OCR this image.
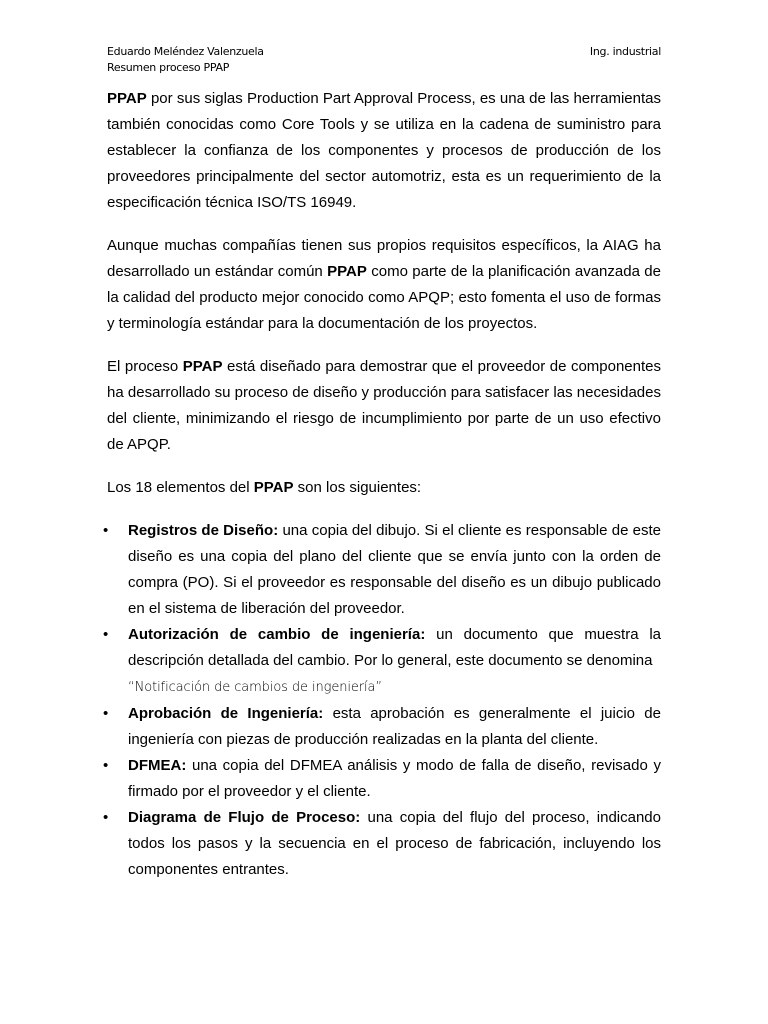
Eduardo Meléndez Valenzuela
Resumen proceso PPAP
Ing. industrial

PPAP por sus siglas Production Part Approval Process, es una de las herramientas también conocidas como Core Tools y se utiliza en la cadena de suministro para establecer la confianza de los componentes y procesos de producción de los proveedores principalmente del sector automotriz, esta es un requerimiento de la especificación técnica ISO/TS 16949.

Aunque muchas compañías tienen sus propios requisitos específicos, la AIAG ha desarrollado un estándar común PPAP como parte de la planificación avanzada de la calidad del producto mejor conocido como APQP; esto fomenta el uso de formas y terminología estándar para la documentación de los proyectos.

El proceso PPAP está diseñado para demostrar que el proveedor de componentes ha desarrollado su proceso de diseño y producción para satisfacer las necesidades del cliente, minimizando el riesgo de incumplimiento por parte de un uso efectivo de APQP.

Los 18 elementos del PPAP son los siguientes:

•	Registros de Diseño: una copia del dibujo. Si el cliente es responsable de este diseño es una copia del plano del cliente que se envía junto con la orden de compra (PO). Si el proveedor es responsable del diseño es un dibujo publicado en el sistema de liberación del proveedor.
•	Autorización de cambio de ingeniería: un documento que muestra la descripción detallada del cambio. Por lo general, este documento se denomina
“Notificación de cambios de ingeniería”
•	Aprobación de Ingeniería: esta aprobación es generalmente el juicio de ingeniería con piezas de producción realizadas en la planta del cliente.
•	DFMEA: una copia del DFMEA análisis y modo de falla de diseño, revisado y firmado por el proveedor y el cliente.
•	Diagrama de Flujo de Proceso: una copia del flujo del proceso, indicando todos los pasos y la secuencia en el proceso de fabricación, incluyendo los componentes entrantes.
